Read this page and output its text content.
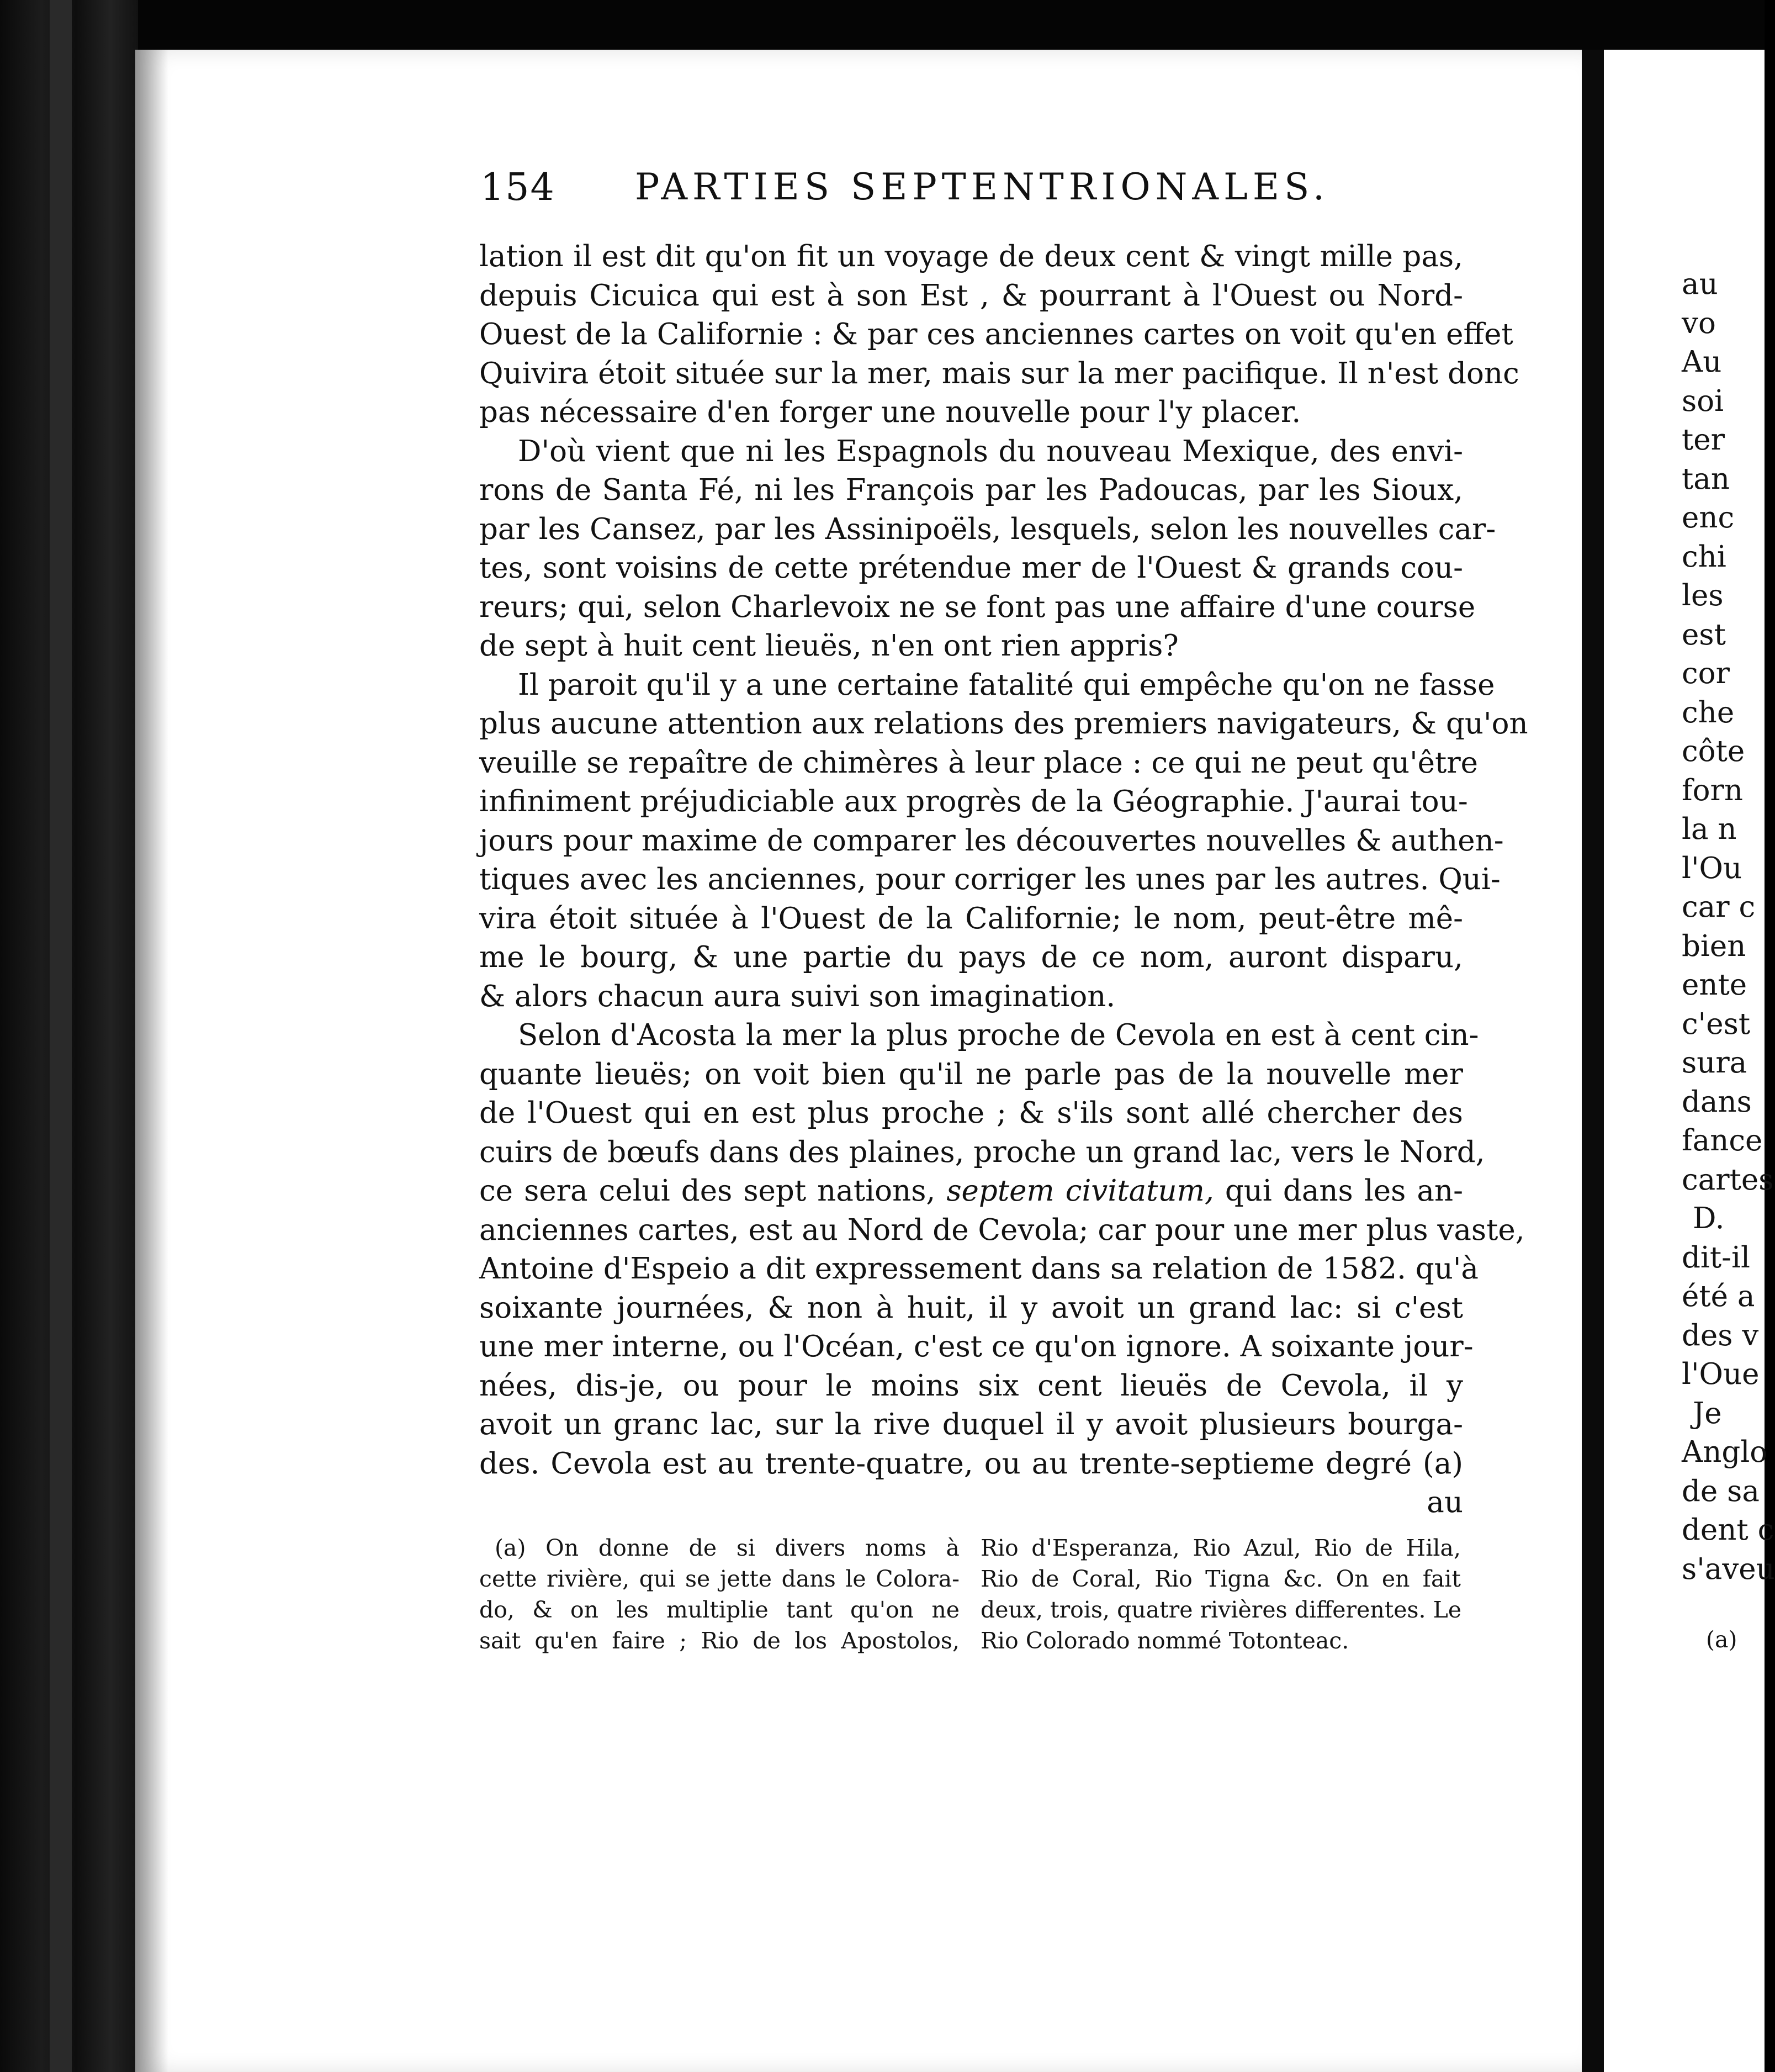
154 PARTIES SEPTENTRIONALES.
lation il est dit qu'on fit un voyage de deux cent & vingt mille pas,
depuis Cicuica qui est à son Est , & pourrant à l'Ouest ou Nord-
Ouest de la Californie : & par ces anciennes cartes on voit qu'en effet
Quivira étoit située sur la mer, mais sur la mer pacifique. Il n'est donc
pas nécessaire d'en forger une nouvelle pour l'y placer.
D'où vient que ni les Espagnols du nouveau Mexique, des envi-
rons de Santa Fé, ni les François par les Padoucas, par les Sioux,
par les Cansez, par les Assinipoëls, lesquels, selon les nouvelles car-
tes, sont voisins de cette prétendue mer de l'Ouest & grands cou-
reurs; qui, selon Charlevoix ne se font pas une affaire d'une course
de sept à huit cent lieuës, n'en ont rien appris?
Il paroit qu'il y a une certaine fatalité qui empêche qu'on ne fasse
plus aucune attention aux relations des premiers navigateurs, & qu'on
veuille se repaître de chimères à leur place : ce qui ne peut qu'être
infiniment préjudiciable aux progrès de la Géographie. J'aurai tou-
jours pour maxime de comparer les découvertes nouvelles & authen-
tiques avec les anciennes, pour corriger les unes par les autres. Qui-
vira étoit située à l'Ouest de la Californie; le nom, peut-être mê-
me le bourg, & une partie du pays de ce nom, auront disparu,
& alors chacun aura suivi son imagination.
Selon d'Acosta la mer la plus proche de Cevola en est à cent cin-
quante lieuës; on voit bien qu'il ne parle pas de la nouvelle mer
de l'Ouest qui en est plus proche ; & s'ils sont allé chercher des
cuirs de bœufs dans des plaines, proche un grand lac, vers le Nord,
ce sera celui des sept nations, septem civitatum, qui dans les an-
anciennes cartes, est au Nord de Cevola; car pour une mer plus vaste,
Antoine d'Espeio a dit expressement dans sa relation de 1582. qu'à
soixante journées, & non à huit, il y avoit un grand lac: si c'est
une mer interne, ou l'Océan, c'est ce qu'on ignore. A soixante jour-
nées, dis-je, ou pour le moins six cent lieuës de Cevola, il y
avoit un granc lac, sur la rive duquel il y avoit plusieurs bourga-
des. Cevola est au trente-quatre, ou au trente-septieme degré (a)
au
(a) On donne de si divers noms à
cette rivière, qui se jette dans le Colora-
do, & on les multiplie tant qu'on ne
sait qu'en faire ; Rio de los Apostolos,
Rio d'Esperanza, Rio Azul, Rio de Hila,
Rio de Coral, Rio Tigna &c. On en fait
deux, trois, quatre rivières differentes. Le
Rio Colorado nommé Totonteac.
au
vo
Au
soi
ter
tan
enc
chi
les
est
cor
che
côte
forn
la n
l'Ou
car c
bien
ente
c'est
sura
dans
fance
cartes
D.
dit-il
été a
des v
l'Oue
Je
Anglo
de sa
dent c
s'aveu
(a)
